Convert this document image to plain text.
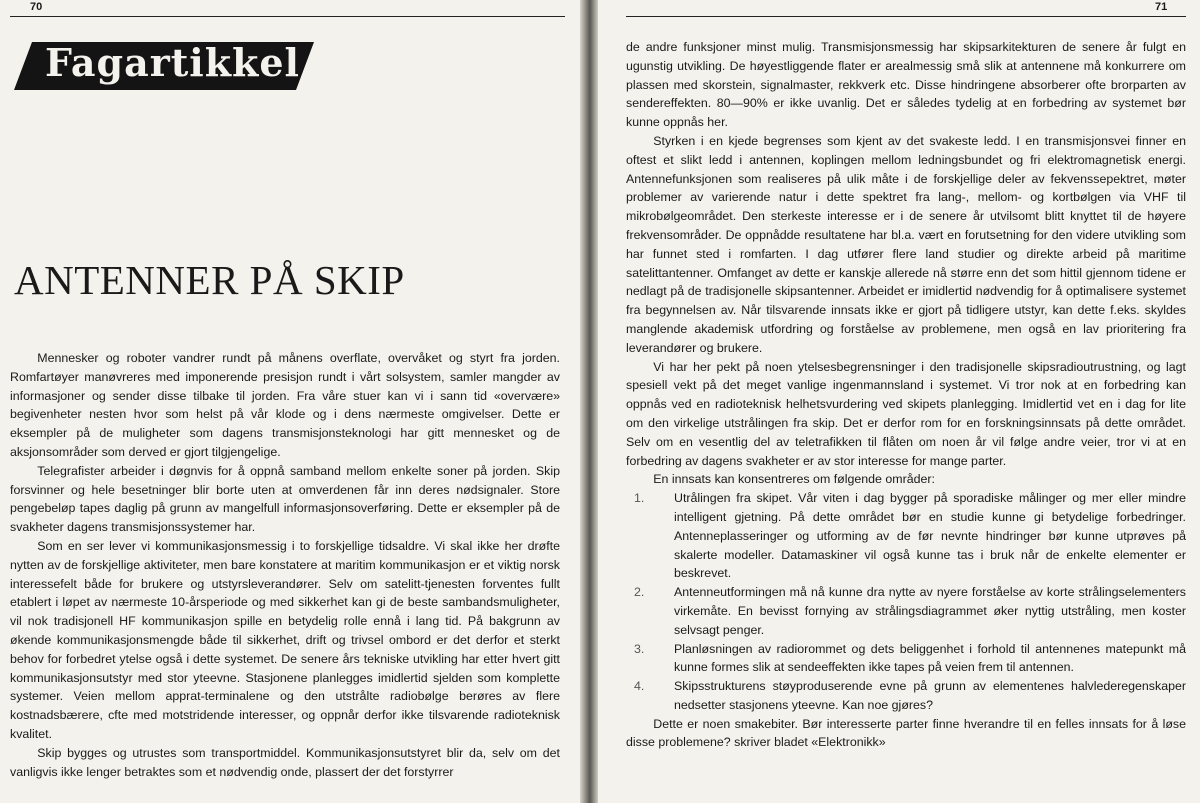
70
Fagartikkel
ANTENNER PÅ SKIP

Mennesker og roboter vandrer rundt på månens overflate, overvåket og styrt fra jorden. Romfartøyer manøvreres med imponerende presisjon rundt i vårt solsystem, samler mangder av informasjoner og sender disse tilbake til jorden. Fra våre stuer kan vi i sann tid «overvære» begivenheter nesten hvor som helst på vår klode og i dens nærmeste omgivelser. Dette er eksempler på de muligheter som dagens transmisjonsteknologi har gitt mennesket og de aksjonsområder som derved er gjort tilgjengelige.

Telegrafister arbeider i døgnvis for å oppnå samband mellom enkelte soner på jorden. Skip forsvinner og hele besetninger blir borte uten at omverdenen får inn deres nødsignaler. Store pengebeløp tapes daglig på grunn av mangelfull informasjonsoverføring. Dette er eksempler på de svakheter dagens transmisjonssystemer har.

Som en ser lever vi kommunikasjonsmessig i to forskjellige tidsaldre. Vi skal ikke her drøfte nytten av de forskjellige aktiviteter, men bare konstatere at maritim kommunikasjon er et viktig norsk interessefelt både for brukere og utstyrsleverandører. Selv om satelitt-tjenesten forventes fullt etablert i løpet av nærmeste 10-årsperiode og med sikkerhet kan gi de beste sambandsmuligheter, vil nok tradisjonell HF kommunikasjon spille en betydelig rolle ennå i lang tid. På bakgrunn av økende kommunikasjonsmengde både til sikkerhet, drift og trivsel ombord er det derfor et sterkt behov for forbedret ytelse også i dette systemet. De senere års tekniske utvikling har etter hvert gitt kommunikasjonsutstyr med stor yteevne. Stasjonene planlegges imidlertid sjelden som komplette systemer. Veien mellom apprat-terminalene og den utstrålte radiobølge berøres av flere kostnadsbærere, cfte med motstridende interesser, og oppnår derfor ikke tilsvarende radioteknisk kvalitet.

Skip bygges og utrustes som transportmiddel. Kommunikasjonsutstyret blir da, selv om det vanligvis ikke lenger betraktes som et nødvendig onde, plassert der det forstyrrer

de andre funksjoner minst mulig. Transmisjonsmessig har skipsarkitekturen de senere år fulgt en ugunstig utvikling. De høyestliggende flater er arealmessig små slik at antennene må konkurrere om plassen med skorstein, signalmaster, rekkverk etc. Disse hindringene absorberer ofte brorparten av sendereffekten. 80—90% er ikke uvanlig. Det er således tydelig at en forbedring av systemet bør kunne oppnås her.

Styrken i en kjede begrenses som kjent av det svakeste ledd. I en transmisjonsvei finner en oftest et slikt ledd i antennen, koplingen mellom ledningsbundet og fri elektromagnetisk energi. Antennefunksjonen som realiseres på ulik måte i de forskjellige deler av fekvenssepektret, møter problemer av varierende natur i dette spektret fra lang-, mellom- og kortbølgen via VHF til mikrobølgeområdet. Den sterkeste interesse er i de senere år utvilsomt blitt knyttet til de høyere frekvensområder. De oppnådde resultatene har bl.a. vært en forutsetning for den videre utvikling som har funnet sted i romfarten. I dag utfører flere land studier og direkte arbeid på maritime satelittantenner. Omfanget av dette er kanskje allerede nå større enn det som hittil gjennom tidene er nedlagt på de tradisjonelle skipsantenner. Arbeidet er imidlertid nødvendig for å optimalisere systemet fra begynnelsen av. Når tilsvarende innsats ikke er gjort på tidligere utstyr, kan dette f.eks. skyldes manglende akademisk utfordring og forståelse av problemene, men også en lav prioritering fra leverandører og brukere.

Vi har her pekt på noen ytelsesbegrensninger i den tradisjonelle skipsradioutrustning, og lagt spesiell vekt på det meget vanlige ingenmannsland i systemet. Vi tror nok at en forbedring kan oppnås ved en radioteknisk helhetsvurdering ved skipets planlegging. Imidlertid vet en i dag for lite om den virkelige utstrålingen fra skip. Det er derfor rom for en forskningsinnsats på dette området. Selv om en vesentlig del av teletrafikken til flåten om noen år vil følge andre veier, tror vi at en forbedring av dagens svakheter er av stor interesse for mange parter.

En innsats kan konsentreres om følgende områder:

1.	Utrålingen fra skipet. Vår viten i dag bygger på sporadiske målinger og mer eller mindre intelligent gjetning. På dette området bør en studie kunne gi betydelige forbedringer. Antenneplasseringer og utforming av de før nevnte hindringer bør kunne utprøves på skalerte modeller. Datamaskiner vil også kunne tas i bruk når de enkelte elementer er beskrevet.
2.	Antenneutformingen må nå kunne dra nytte av nyere forståelse av korte strålingselementers virkemåte. En bevisst fornying av strålingsdiagrammet øker nyttig utstråling, men koster selvsagt penger.
3.	Planløsningen av radiorommet og dets beliggenhet i forhold til antennenes matepunkt må kunne formes slik at sendeeffekten ikke tapes på veien frem til antennen.
4.	Skipsstrukturens støyproduserende evne på grunn av elementenes halvlederegenskaper nedsetter stasjonens yteevne. Kan noe gjøres?

Dette er noen smakebiter. Bør interesserte parter finne hverandre til en felles innsats for å løse disse problemene? skriver bladet «Elektronikk»

71
